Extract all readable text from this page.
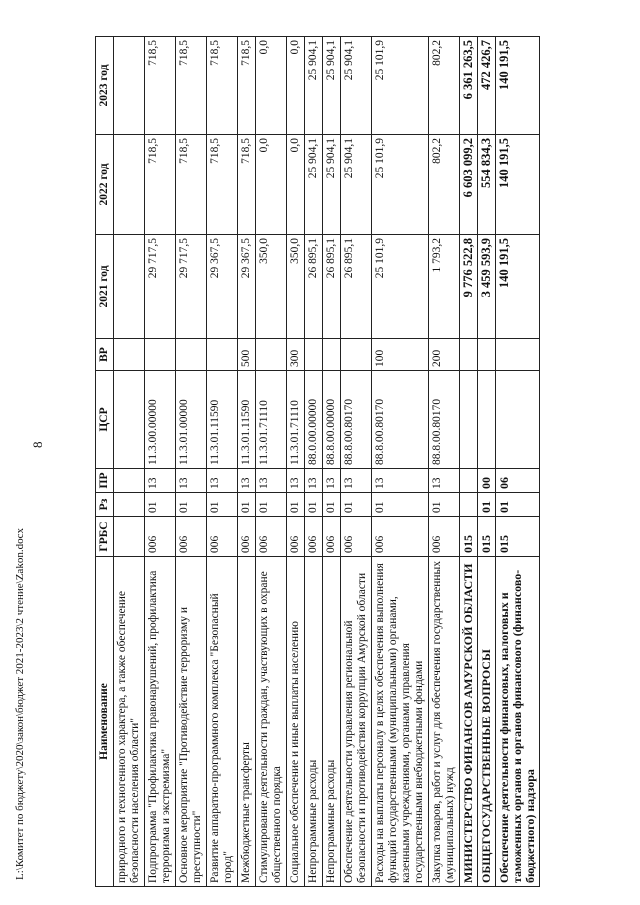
8
Наименование	ГРБС	Рз	ПР	ЦСР	ВР	2021 год	2022 год	2023 год
природного и техногенного характера, а также обеспечение безопасности населения области"								
Подпрограмма "Профилактика правонарушений, профилактика терроризма и экстремизма"	006	01	13	11.3.00.00000		29 717,5	718,5	718,5
Основное мероприятие "Противодействие терроризму и преступности"	006	01	13	11.3.01.00000		29 717,5	718,5	718,5
Развитие аппаратно-программного комплекса "Безопасный город"	006	01	13	11.3.01.11590		29 367,5	718,5	718,5
Межбюджетные трансферты	006	01	13	11.3.01.11590	500	29 367,5	718,5	718,5
Стимулирование деятельности граждан, участвующих в охране общественного порядка	006	01	13	11.3.01.71110		350,0	0,0	0,0
Социальное обеспечение и иные выплаты населению	006	01	13	11.3.01.71110	300	350,0	0,0	0,0
Непрограммные расходы	006	01	13	88.0.00.00000		26 895,1	25 904,1	25 904,1
Непрограммные расходы	006	01	13	88.8.00.00000		26 895,1	25 904,1	25 904,1
Обеспечение деятельности управления региональной безопасности и противодействия коррупции Амурской области	006	01	13	88.8.00.80170		26 895,1	25 904,1	25 904,1
Расходы на выплаты персоналу в целях обеспечения выполнения функций государственными (муниципальными) органами, казенными учреждениями, органами управления государственными внебюджетными фондами	006	01	13	88.8.00.80170	100	25 101,9	25 101,9	25 101,9
Закупка товаров, работ и услуг для обеспечения государственных (муниципальных) нужд	006	01	13	88.8.00.80170	200	1 793,2	802,2	802,2
МИНИСТЕРСТВО ФИНАНСОВ АМУРСКОЙ ОБЛАСТИ	015					9 776 522,8	6 603 099,2	6 361 263,5
ОБЩЕГОСУДАРСТВЕННЫЕ ВОПРОСЫ	015	01	00			3 459 593,9	554 834,3	472 426,7
Обеспечение деятельности финансовых, налоговых и таможенных органов и органов финансового (финансово-бюджетного) надзора	015	01	06			140 191,5	140 191,5	140 191,5
L:\Комитет по бюджету\2020\закон\бюджет 2021-2023\2 чтение\Zakon.docx
